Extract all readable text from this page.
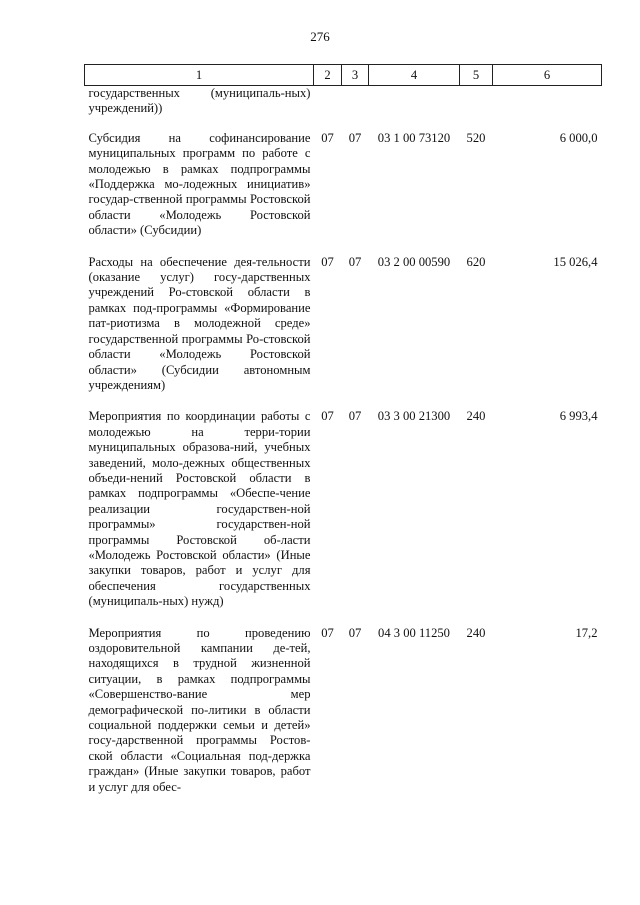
276
1	2	3	4	5	6
государственных (муниципаль-ных) учреждений))					
Субсидия на софинансирование муниципальных программ по работе с молодежью в рамках подпрограммы «Поддержка мо-лодежных инициатив» государ-ственной программы Ростовской области «Молодежь Ростовской области» (Субсидии)	07	07	03 1 00 73120	520	6 000,0
Расходы на обеспечение дея-тельности (оказание услуг) госу-дарственных учреждений Ро-стовской области в рамках под-программы «Формирование пат-риотизма в молодежной среде» государственной программы Ро-стовской области «Молодежь Ростовской области» (Субсидии автономным учреждениям)	07	07	03 2 00 00590	620	15 026,4
Мероприятия по координации работы с молодежью на терри-тории муниципальных образова-ний, учебных заведений, моло-дежных общественных объеди-нений Ростовской области в рамках подпрограммы «Обеспе-чение реализации государствен-ной программы» государствен-ной программы Ростовской об-ласти «Молодежь Ростовской области» (Иные закупки товаров, работ и услуг для обеспечения государственных (муниципаль-ных) нужд)	07	07	03 3 00 21300	240	6 993,4
Мероприятия по проведению оздоровительной кампании де-тей, находящихся в трудной жизненной ситуации, в рамках подпрограммы «Совершенство-вание мер демографической по-литики в области социальной поддержки семьи и детей» госу-дарственной программы Ростов-ской области «Социальная под-держка граждан» (Иные закупки товаров, работ и услуг для обес-	07	07	04 3 00 11250	240	17,2
